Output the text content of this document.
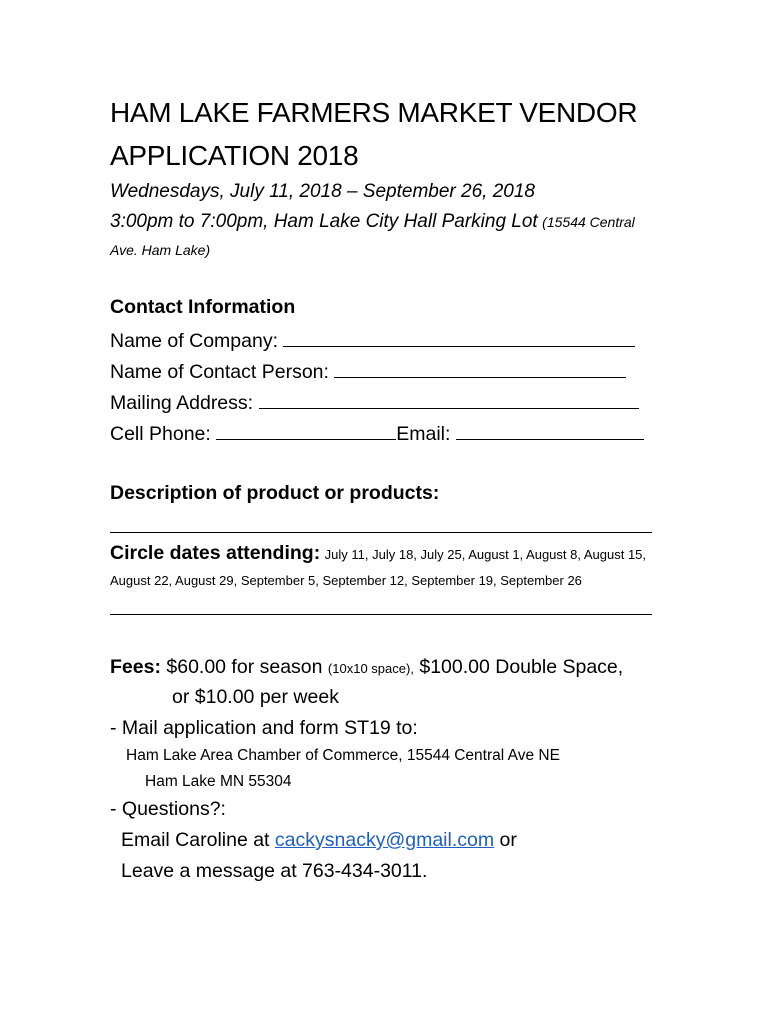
HAM LAKE FARMERS MARKET VENDOR
APPLICATION 2018
Wednesdays, July 11, 2018 – September 26, 2018
3:00pm to 7:00pm, Ham Lake City Hall Parking Lot (15544 Central
Ave. Ham Lake)
Contact Information
Name of Company:
Name of Contact Person:
Mailing Address:
Cell Phone:	Email:
Description of product or products:
Circle dates attending: July 11, July 18, July 25, August 1, August 8, August 15,
August 22, August 29, September 5, September 12, September 19, September 26
Fees: $60.00 for season (10x10 space), $100.00 Double Space,
or $10.00 per week
- Mail application and form ST19 to:
Ham Lake Area Chamber of Commerce, 15544 Central Ave NE
Ham Lake MN 55304
- Questions?:
Email Caroline at cackysnacky@gmail.com or
Leave a message at 763-434-3011.
